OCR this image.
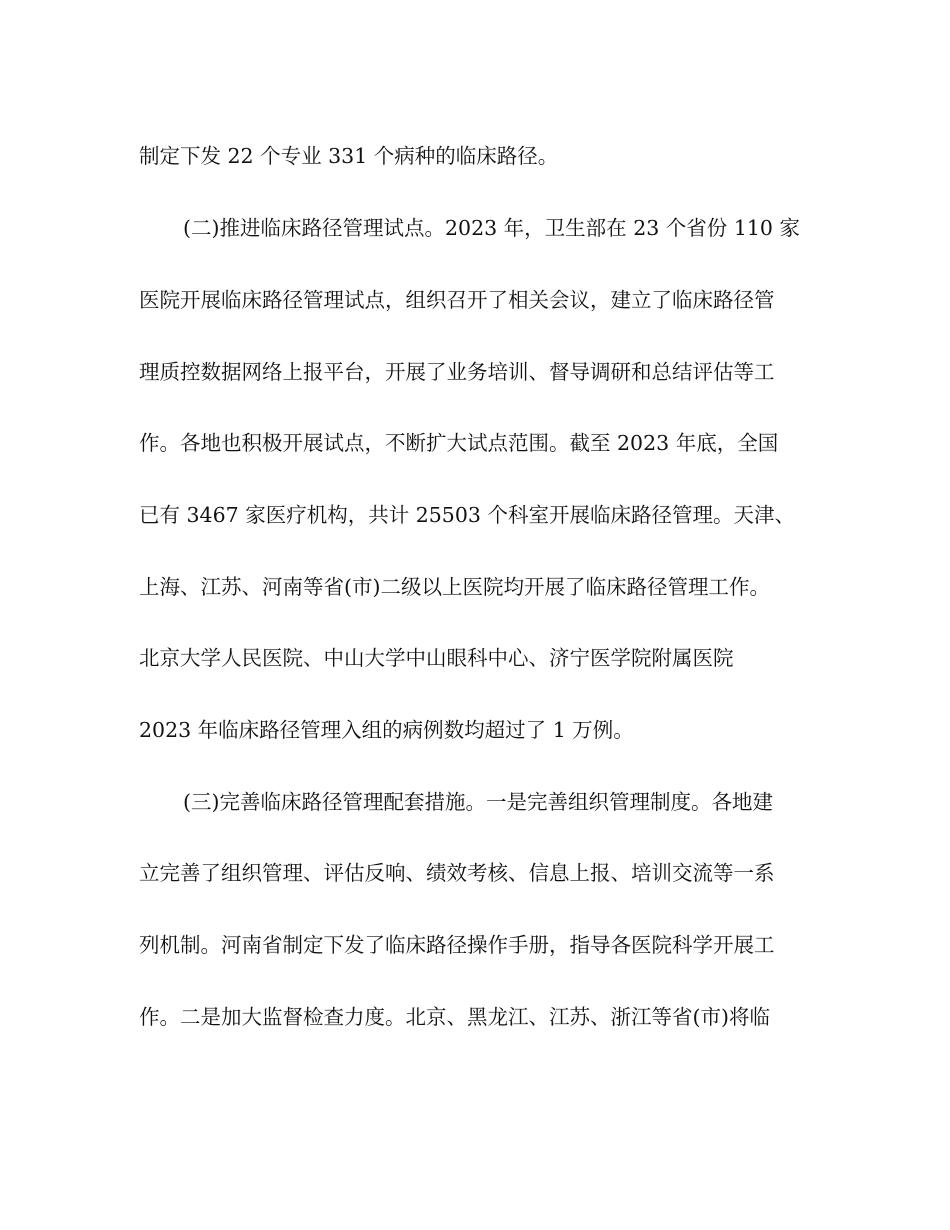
制定下发 22 个专业 331 个病种的临床路径。
(二)推进临床路径管理试点。2023 年，卫生部在 23 个省份 110 家
医院开展临床路径管理试点，组织召开了相关会议，建立了临床路径管
理质控数据网络上报平台，开展了业务培训、督导调研和总结评估等工
作。各地也积极开展试点，不断扩大试点范围。截至 2023 年底，全国
已有 3467 家医疗机构，共计 25503 个科室开展临床路径管理。天津、
上海、江苏、河南等省(市)二级以上医院均开展了临床路径管理工作。
北京大学人民医院、中山大学中山眼科中心、济宁医学院附属医院
2023 年临床路径管理入组的病例数均超过了 1 万例。
(三)完善临床路径管理配套措施。一是完善组织管理制度。各地建
立完善了组织管理、评估反响、绩效考核、信息上报、培训交流等一系
列机制。河南省制定下发了临床路径操作手册，指导各医院科学开展工
作。二是加大监督检查力度。北京、黑龙江、江苏、浙江等省(市)将临
